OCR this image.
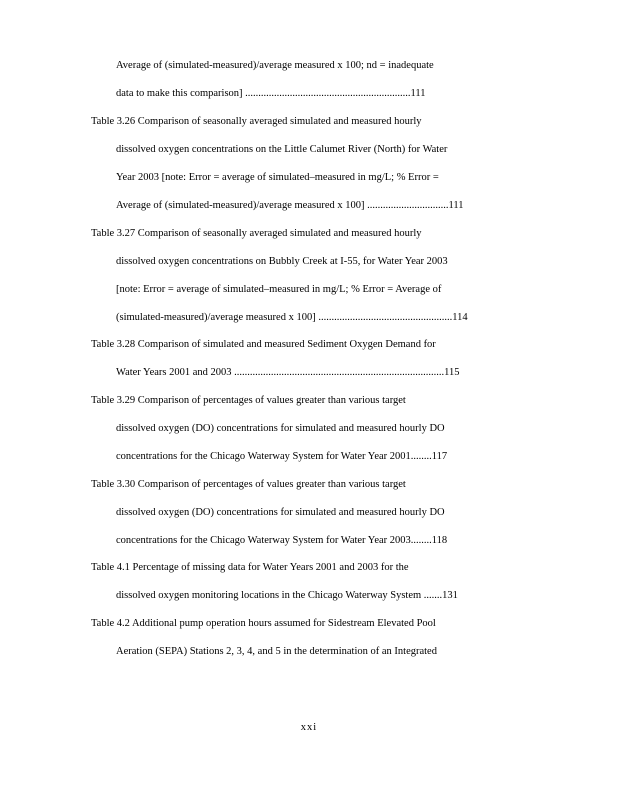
Average of (simulated-measured)/average measured x 100; nd = inadequate
data to make this comparison] ...............................................................111
Table 3.26 Comparison of seasonally averaged simulated and measured hourly
dissolved oxygen concentrations on the Little Calumet River (North) for Water
Year 2003 [note: Error = average of simulated–measured in mg/L; % Error =
Average of (simulated-measured)/average measured x 100] ...............................111
Table 3.27 Comparison of seasonally averaged simulated and measured hourly
dissolved oxygen concentrations on Bubbly Creek at I-55, for Water Year 2003
[note: Error = average of simulated–measured in mg/L; % Error = Average of
(simulated-measured)/average measured x 100] ...................................................114
Table 3.28 Comparison of simulated and measured Sediment Oxygen Demand for
Water Years 2001 and 2003 ................................................................................115
Table 3.29 Comparison of percentages of values greater than various target
dissolved oxygen (DO) concentrations for simulated and measured hourly DO
concentrations for the Chicago Waterway System for Water Year 2001........117
Table 3.30 Comparison of percentages of values greater than various target
dissolved oxygen (DO) concentrations for simulated and measured hourly DO
concentrations for the Chicago Waterway System for Water Year 2003........118
Table 4.1 Percentage of missing data for Water Years 2001 and 2003 for the
dissolved oxygen monitoring locations in the Chicago Waterway System .......131
Table 4.2 Additional pump operation hours assumed for Sidestream Elevated Pool
Aeration (SEPA) Stations 2, 3, 4, and 5 in the determination of an Integrated
xxi
